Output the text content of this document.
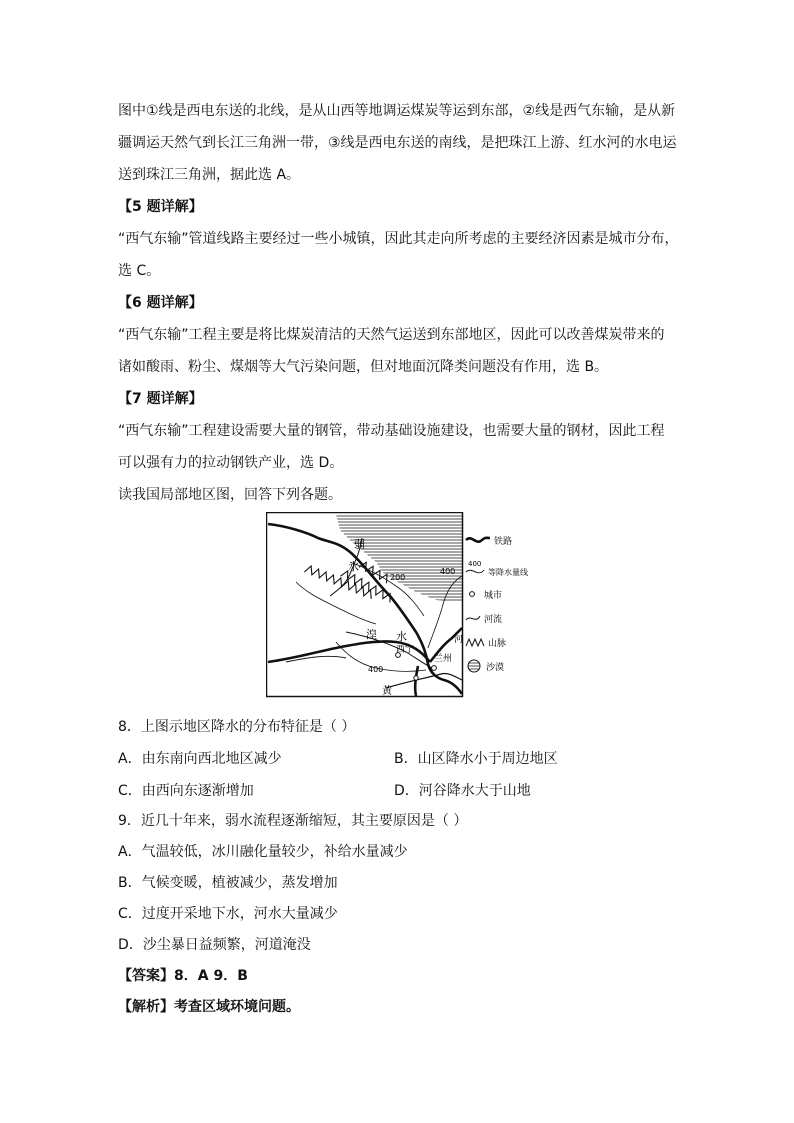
图中①线是西电东送的北线，是从山西等地调运煤炭等运到东部，②线是西气东输，是从新
疆调运天然气到长江三角洲一带，③线是西电东送的南线，是把珠江上游、红水河的水电运
送到珠江三角洲，据此选 A。
【5 题详解】
“西气东输”管道线路主要经过一些小城镇，因此其走向所考虑的主要经济因素是城市分布，
选 C。
【6 题详解】
“西气东输”工程主要是将比煤炭清洁的天然气运送到东部地区，因此可以改善煤炭带来的
诸如酸雨、粉尘、煤烟等大气污染问题，但对地面沉降类问题没有作用，选 B。
【7 题详解】
“西气东输”工程建设需要大量的钢管，带动基础设施建设，也需要大量的钢材，因此工程
可以强有力的拉动钢铁产业，选 D。
读我国局部地区图，回答下列各题。
弱
水
湟 水
西宁
兰州
河
黄
200
400
400
铁路
400
等降水量线
城市
河流
山脉
沙漠
8．上图示地区降水的分布特征是（ ）
A．由东南向西北地区减少	B．山区降水小于周边地区
C．由西向东逐渐增加	D．河谷降水大于山地
9．近几十年来，弱水流程逐渐缩短，其主要原因是（ ）
A．气温较低，冰川融化量较少，补给水量减少
B．气候变暖，植被减少，蒸发增加
C．过度开采地下水，河水大量减少
D．沙尘暴日益频繁，河道淹没
【答案】8．A 9．B
【解析】考查区域环境问题。
